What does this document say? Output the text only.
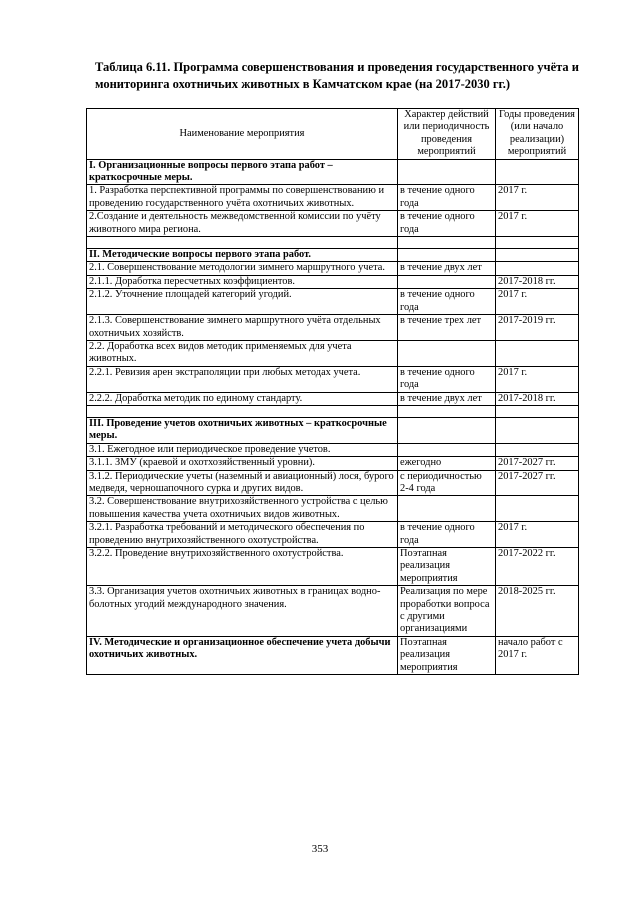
Таблица 6.11. Программа совершенствования и проведения государственного учёта и мониторинга охотничьих животных в Камчатском крае (на 2017-2030 гг.)
Наименование мероприятия	Характер действий или периодичность проведения мероприятий	Годы проведения (или начало реализации) мероприятий
I. Организационные вопросы первого этапа работ – краткосрочные меры.		
1. Разработка перспективной программы по совершенствованию и проведению государственного учёта охотничьих животных.	в течение одного года	2017 г.
2.Создание и деятельность межведомственной комиссии по учёту животного мира региона.	в течение одного года	2017 г.

II. Методические вопросы первого этапа работ.		
2.1. Совершенствование методологии зимнего маршрутного учета.	в течение двух лет	
2.1.1. Доработка пересчетных коэффициентов.		2017-2018 гг.
2.1.2. Уточнение площадей категорий угодий.	в течение одного года	2017 г.
2.1.3. Совершенствование зимнего маршрутного учёта отдельных охотничьих хозяйств.	в течение трех лет	2017-2019 гг.
2.2. Доработка всех видов методик применяемых для учета животных.		
2.2.1. Ревизия арен экстраполяции при любых методах учета.	в течение одного года	2017 г.
2.2.2. Доработка методик по единому стандарту.	в течение двух лет	2017-2018 гг.

III. Проведение учетов охотничьих животных – краткосрочные меры.		
3.1. Ежегодное или периодическое проведение учетов.		
3.1.1. ЗМУ (краевой и охотхозяйственный уровни).	ежегодно	2017-2027 гг.
3.1.2. Периодические учеты (наземный и авиационный) лося, бурого медведя, черношапочного сурка и других видов.	с периодичностью 2-4 года	2017-2027 гг.
3.2. Совершенствование внутрихозяйственного устройства с целью повышения качества учета охотничьих видов животных.		
3.2.1. Разработка требований и методического обеспечения по проведению внутрихозяйственного охотустройства.	в течение одного года	2017 г.
3.2.2. Проведение внутрихозяйственного охотустройства.	Поэтапная реализация мероприятия	2017-2022 гг.
3.3. Организация учетов охотничьих животных в границах водно-болотных угодий международного значения.	Реализация по мере проработки вопроса с другими организациями	2018-2025 гг.
IV. Методические и организационное обеспечение учета добычи охотничьих животных.	Поэтапная реализация мероприятия	начало работ с 2017 г.
353
